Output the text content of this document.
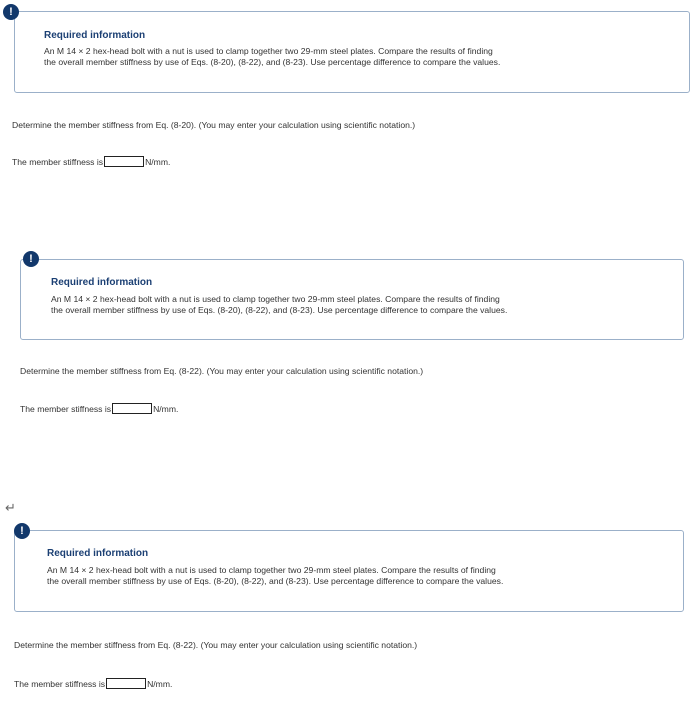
!
Required information
An M 14 × 2 hex-head bolt with a nut is used to clamp together two 29-mm steel plates. Compare the results of finding
the overall member stiffness by use of Eqs. (8-20), (8-22), and (8-23). Use percentage difference to compare the values.
Determine the member stiffness from Eq. (8-20). (You may enter your calculation using scientific notation.)
The member stiffness is	N/mm.
!
Required information
An M 14 × 2 hex-head bolt with a nut is used to clamp together two 29-mm steel plates. Compare the results of finding
the overall member stiffness by use of Eqs. (8-20), (8-22), and (8-23). Use percentage difference to compare the values.
Determine the member stiffness from Eq. (8-22). (You may enter your calculation using scientific notation.)
The member stiffness is	N/mm.
↵
!
Required information
An M 14 × 2 hex-head bolt with a nut is used to clamp together two 29-mm steel plates. Compare the results of finding
the overall member stiffness by use of Eqs. (8-20), (8-22), and (8-23). Use percentage difference to compare the values.
Determine the member stiffness from Eq. (8-22). (You may enter your calculation using scientific notation.)
The member stiffness is	N/mm.
